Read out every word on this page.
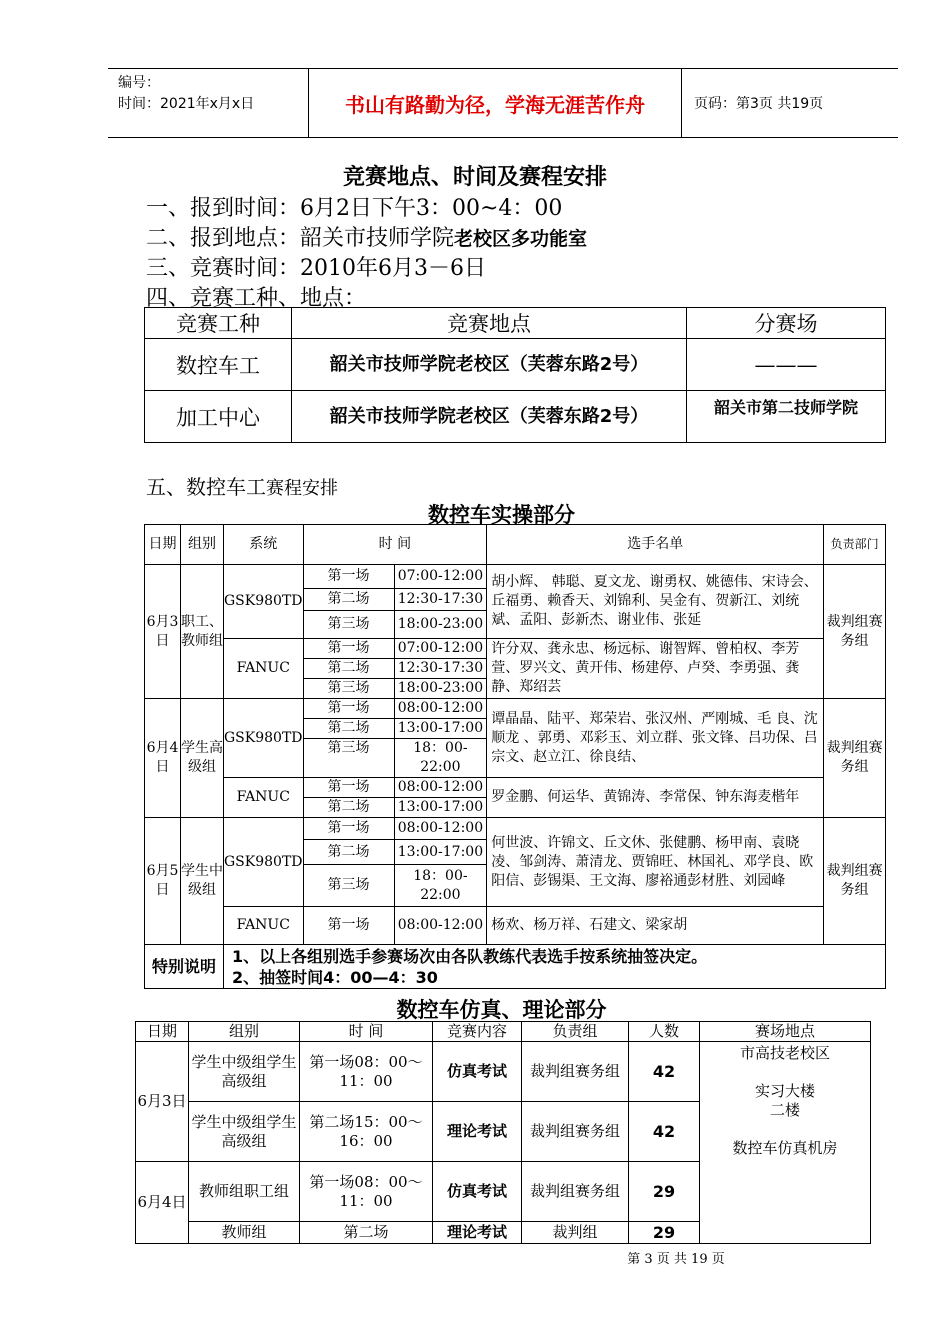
编号：
时间：2021年x月x日	书山有路勤为径，学海无涯苦作舟	页码：第3页 共19页
竞赛地点、时间及赛程安排
一、报到时间：6月2日下午3：00~4：00
二、报到地点：韶关市技师学院老校区多功能室
三、竞赛时间：2010年6月3－6日
四、竞赛工种、地点：
竞赛工种	竞赛地点	分赛场
数控车工	韶关市技师学院老校区（芙蓉东路2号）	———
加工中心	韶关市技师学院老校区（芙蓉东路2号）	韶关市第二技师学院
五、数控车工赛程安排
数控车实操部分
日期	组别	系统	时 间		选手名单	负责部门
6月3日	职工、教师组	GSK980TD	第一场	07:00-12:00	胡小辉、 韩聪、夏文龙、谢勇权、姚德伟、宋诗会、丘福勇、赖香天、刘锦利、吴金有、贺新江、刘统斌、孟阳、彭新杰、谢业伟、张延	裁判组赛务组
			第二场	12:30-17:30		
			第三场	18:00-23:00		
		FANUC	第一场	07:00-12:00	许分双、龚永忠、杨远标、谢智辉、曾柏权、李芳萱、罗兴文、黄开伟、杨建停、卢癸、李勇强、龚静、郑绍芸	
			第二场	12:30-17:30		
			第三场	18:00-23:00		
6月4日	学生高级组	GSK980TD	第一场	08:00-12:00	谭晶晶、陆平、郑荣岩、张汉州、严刚城、毛 良、沈顺龙 、郭勇、邓彩玉、刘立群、张文锋、吕功保、吕宗文、赵立江、徐良结、	裁判组赛务组
			第二场	13:00-17:00		
			第三场	18：00-22:00		
		FANUC	第一场	08:00-12:00	罗金鹏、何运华、黄锦涛、李常保、钟东海麦楷年	
			第二场	13:00-17:00		
6月5日	学生中级组	GSK980TD	第一场	08:00-12:00	何世波、许锦文、丘文休、张健鹏、杨甲南、袁晓凌、邹剑涛、萧清龙、贾锦旺、林国礼、邓学良、欧阳信、彭锡渠、王文海、廖裕通彭材胜、刘园峰	裁判组赛务组
			第二场	13:00-17:00		
			第三场	18：00-22:00		
		FANUC	第一场	08:00-12:00	杨欢、杨万祥、石建文、梁家胡	
特别说明		1、以上各组别选手参赛场次由各队教练代表选手按系统抽签决定。
2、抽签时间4：00—4：30				
数控车仿真、理论部分
日期	组别	时 间	竞赛内容	负责组	人数	赛场地点
6月3日	学生中级组学生高级组	第一场08：00～11：00	仿真考试	裁判组赛务组	42	市高技老校区
实习大楼
二楼
数控车仿真机房

	学生中级组学生高级组	第二场15：00～16：00	理论考试	裁判组赛务组	42	
6月4日	教师组职工组	第一场08：00～11：00	仿真考试	裁判组赛务组	29	
	教师组	第二场	理论考试	裁判组	29	
第 3 页 共 19 页
